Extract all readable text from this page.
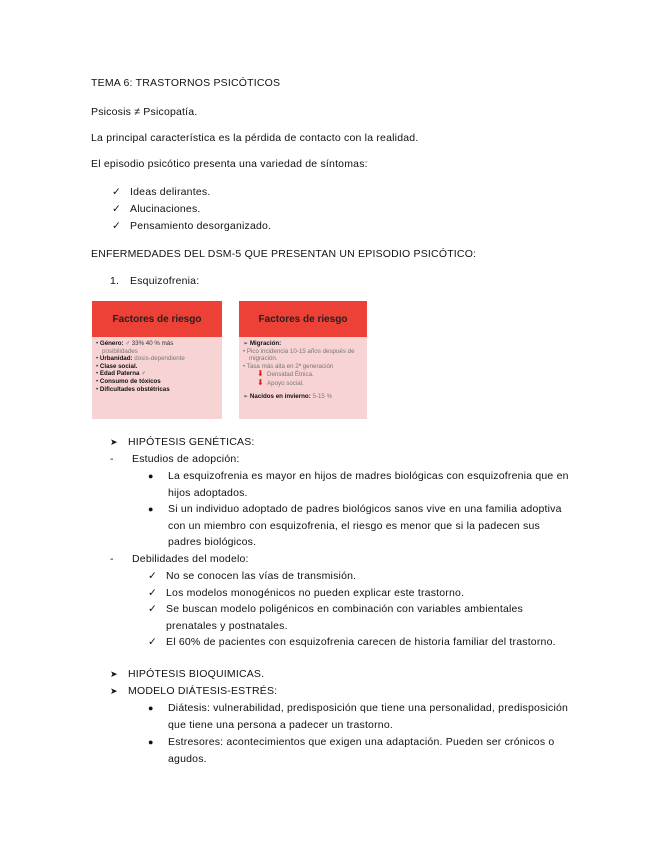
TEMA 6: TRASTORNOS PSICÓTICOS
Psicosis ≠ Psicopatía.
La principal característica es la pérdida de contacto con la realidad.
El episodio psicótico presenta una variedad de síntomas:
✓ Ideas delirantes.
✓ Alucinaciones.
✓ Pensamiento desorganizado.
ENFERMEDADES DEL DSM-5 QUE PRESENTAN UN EPISODIO PSICÓTICO:
1. Esquizofrenia:
Factores de riesgo
• Género: ♂ 33% 40 % más
posibilidades
• Urbanidad: dosis-dependiente
• Clase social.
• Edad Paterna ♂
• Consumo de tóxicos
• Dificultades obstétricas
Factores de riesgo
➢ Migración:
• Pico incidencia 10-15 años después de
migración.
• Tasa más alta en 2ª generación
⬇ Densidad Étnica.
⬇ Apoyo social.
➢ Nacidos en invierno: 5-15 %
➤ HIPÓTESIS GENÉTICAS:
- Estudios de adopción:
● La esquizofrenia es mayor en hijos de madres biológicas con esquizofrenia que en
hijos adoptados.
● Si un individuo adoptado de padres biológicos sanos vive en una familia adoptiva
con un miembro con esquizofrenia, el riesgo es menor que si la padecen sus
padres biológicos.
- Debilidades del modelo:
✓ No se conocen las vías de transmisión.
✓ Los modelos monogénicos no pueden explicar este trastorno.
✓ Se buscan modelo poligénicos en combinación con variables ambientales
prenatales y postnatales.
✓ El 60% de pacientes con esquizofrenia carecen de historia familiar del trastorno.
➤ HIPÓTESIS BIOQUIMICAS.
➤ MODELO DIÁTESIS-ESTRÉS:
● Diátesis: vulnerabilidad, predisposición que tiene una personalidad, predisposición
que tiene una persona a padecer un trastorno.
● Estresores: acontecimientos que exigen una adaptación. Pueden ser crónicos o
agudos.
